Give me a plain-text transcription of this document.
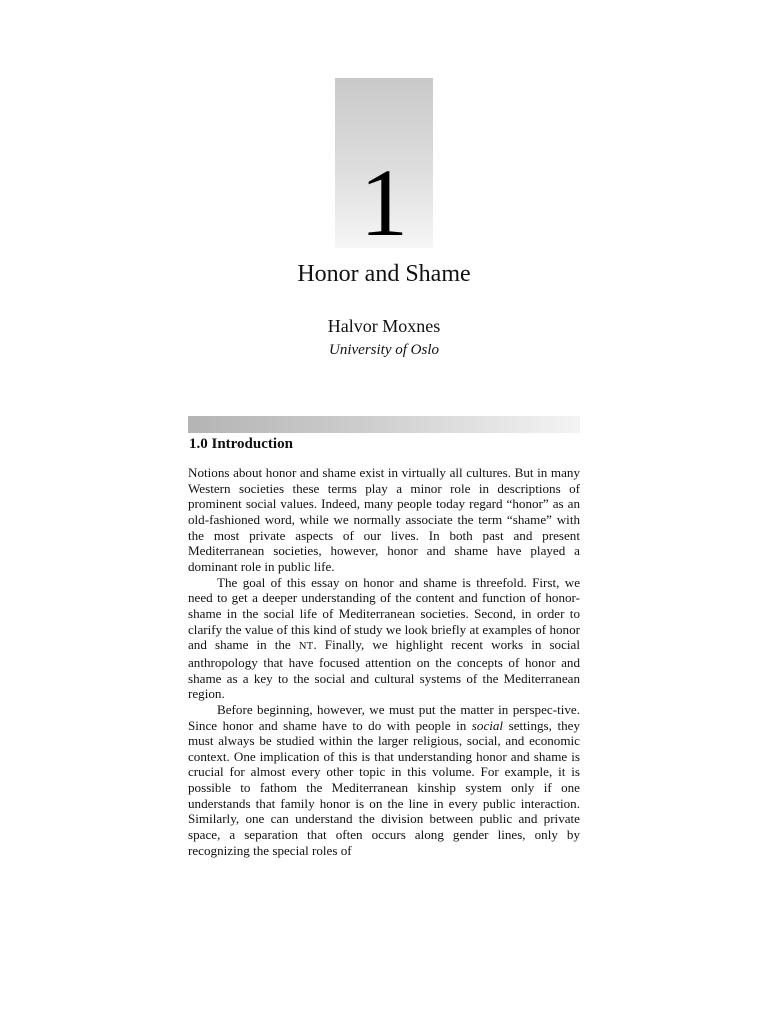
1
Honor and Shame
Halvor Moxnes
University of Oslo
1.0 Introduction

Notions about honor and shame exist in virtually all cultures. But in many Western societies these terms play a minor role in descriptions of prominent social values. Indeed, many people today regard “honor” as an old-fashioned word, while we normally associate the term “shame” with the most private aspects of our lives. In both past and present Mediterranean societies, however, honor and shame have played a dominant role in public life.

The goal of this essay on honor and shame is threefold. First, we need to get a deeper understanding of the content and function of honor-shame in the social life of Mediterranean societies. Second, in order to clarify the value of this kind of study we look briefly at examples of honor and shame in the NT. Finally, we highlight recent works in social anthropology that have focused attention on the concepts of honor and shame as a key to the social and cultural systems of the Mediterranean region.

Before beginning, however, we must put the matter in perspec-tive. Since honor and shame have to do with people in social settings, they must always be studied within the larger religious, social, and economic context. One implication of this is that understanding honor and shame is crucial for almost every other topic in this volume. For example, it is possible to fathom the Mediterranean kinship system only if one understands that family honor is on the line in every public interaction. Similarly, one can understand the division between public and private space, a separation that often occurs along gender lines, only by recognizing the special roles of
